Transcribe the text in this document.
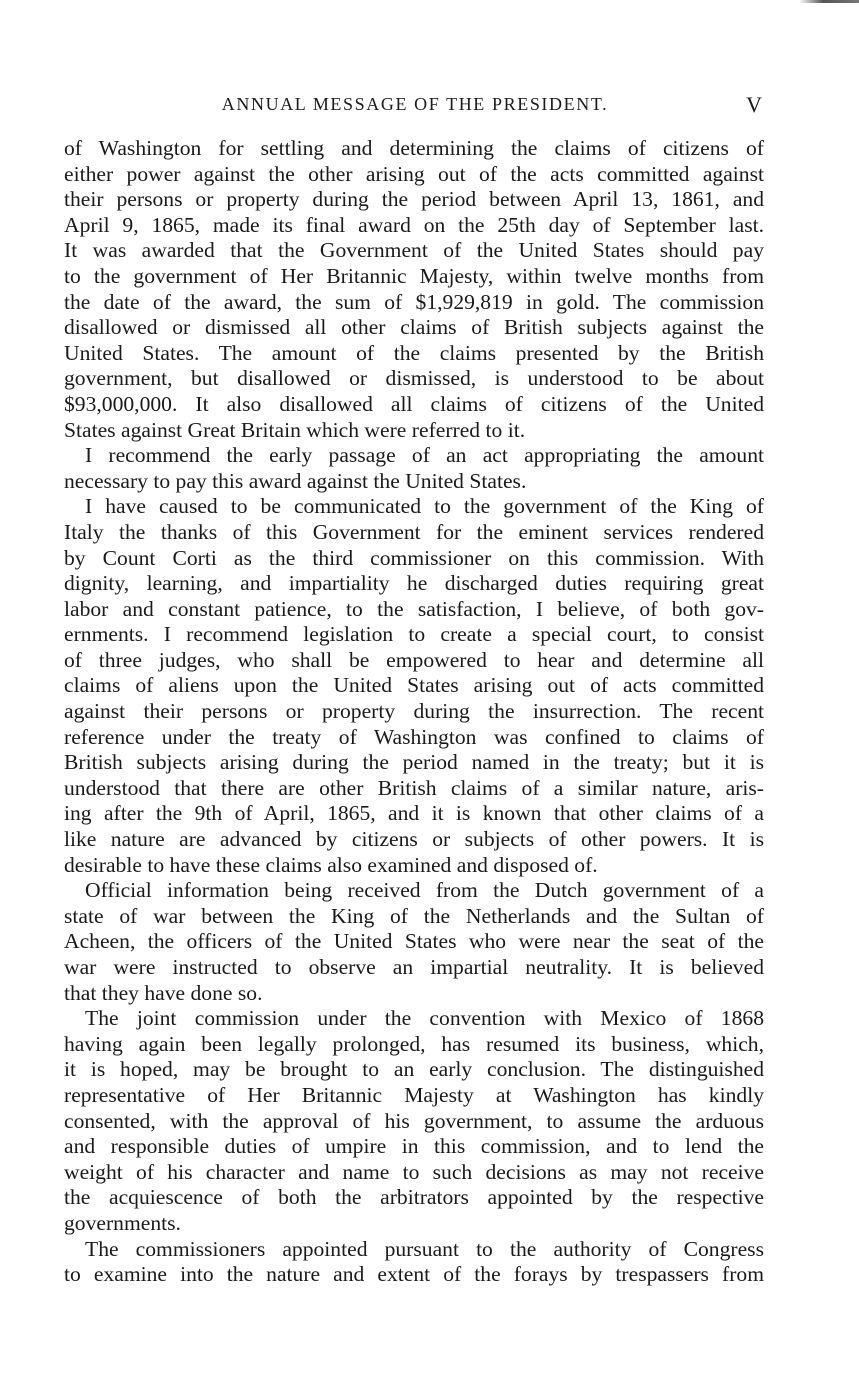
ANNUAL MESSAGE OF THE PRESIDENT.	V
of Washington for settling and determining the claims of citizens of
either power against the other arising out of the acts committed against
their persons or property during the period between April 13, 1861, and
April 9, 1865, made its final award on the 25th day of September last.
It was awarded that the Government of the United States should pay
to the government of Her Britannic Majesty, within twelve months from
the date of the award, the sum of $1,929,819 in gold. The commission
disallowed or dismissed all other claims of British subjects against the
United States. The amount of the claims presented by the British
government, but disallowed or dismissed, is understood to be about
$93,000,000. It also disallowed all claims of citizens of the United
States against Great Britain which were referred to it.
I recommend the early passage of an act appropriating the amount
necessary to pay this award against the United States.
I have caused to be communicated to the government of the King of
Italy the thanks of this Government for the eminent services rendered
by Count Corti as the third commissioner on this commission. With
dignity, learning, and impartiality he discharged duties requiring great
labor and constant patience, to the satisfaction, I believe, of both gov-
ernments. I recommend legislation to create a special court, to consist
of three judges, who shall be empowered to hear and determine all
claims of aliens upon the United States arising out of acts committed
against their persons or property during the insurrection. The recent
reference under the treaty of Washington was confined to claims of
British subjects arising during the period named in the treaty; but it is
understood that there are other British claims of a similar nature, aris-
ing after the 9th of April, 1865, and it is known that other claims of a
like nature are advanced by citizens or subjects of other powers. It is
desirable to have these claims also examined and disposed of.
Official information being received from the Dutch government of a
state of war between the King of the Netherlands and the Sultan of
Acheen, the officers of the United States who were near the seat of the
war were instructed to observe an impartial neutrality. It is believed
that they have done so.
The joint commission under the convention with Mexico of 1868
having again been legally prolonged, has resumed its business, which,
it is hoped, may be brought to an early conclusion. The distinguished
representative of Her Britannic Majesty at Washington has kindly
consented, with the approval of his government, to assume the arduous
and responsible duties of umpire in this commission, and to lend the
weight of his character and name to such decisions as may not receive
the acquiescence of both the arbitrators appointed by the respective
governments.
The commissioners appointed pursuant to the authority of Congress
to examine into the nature and extent of the forays by trespassers from
